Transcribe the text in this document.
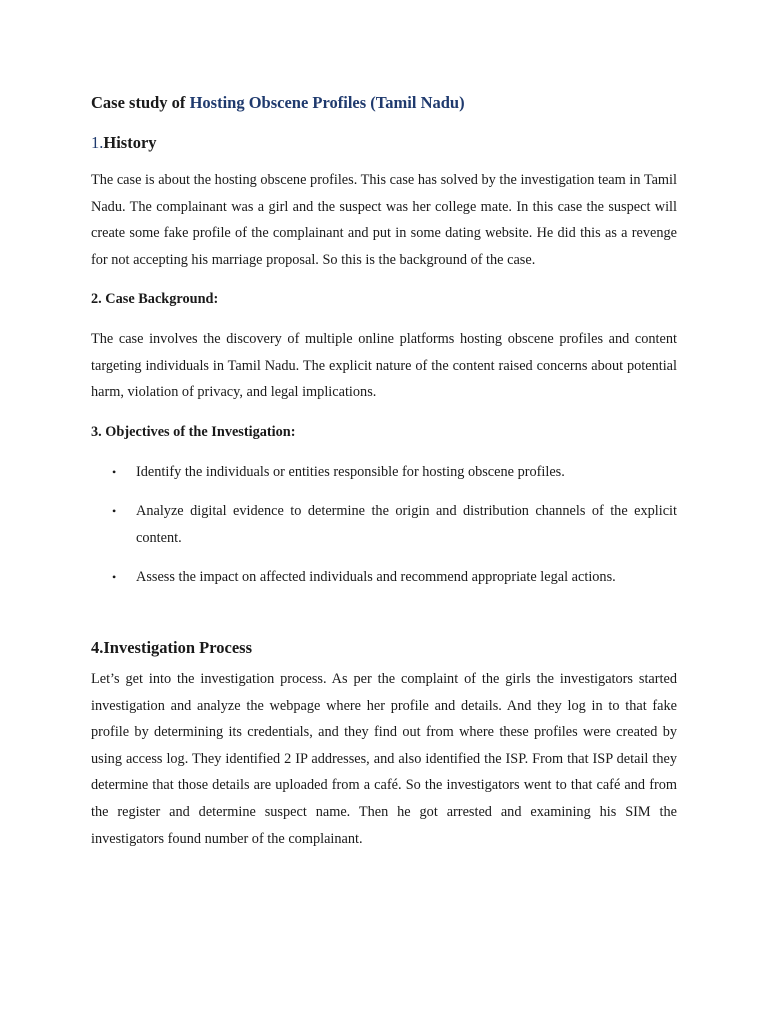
Case study of Hosting Obscene Profiles (Tamil Nadu)
1.History

The case is about the hosting obscene profiles. This case has solved by the investigation team in Tamil Nadu. The complainant was a girl and the suspect was her college mate. In this case the suspect will create some fake profile of the complainant and put in some dating website. He did this as a revenge for not accepting his marriage proposal. So this is the background of the case.

2. Case Background:

The case involves the discovery of multiple online platforms hosting obscene profiles and content targeting individuals in Tamil Nadu. The explicit nature of the content raised concerns about potential harm, violation of privacy, and legal implications.

3. Objectives of the Investigation:
• Identify the individuals or entities responsible for hosting obscene profiles.
• Analyze digital evidence to determine the origin and distribution channels of the explicit content.
• Assess the impact on affected individuals and recommend appropriate legal actions.
4.Investigation Process

Let’s get into the investigation process. As per the complaint of the girls the investigators started investigation and analyze the webpage where her profile and details. And they log in to that fake profile by determining its credentials, and they find out from where these profiles were created by using access log. They identified 2 IP addresses, and also identified the ISP. From that ISP detail they determine that those details are uploaded from a café. So the investigators went to that café and from the register and determine suspect name. Then he got arrested and examining his SIM the investigators found number of the complainant.
